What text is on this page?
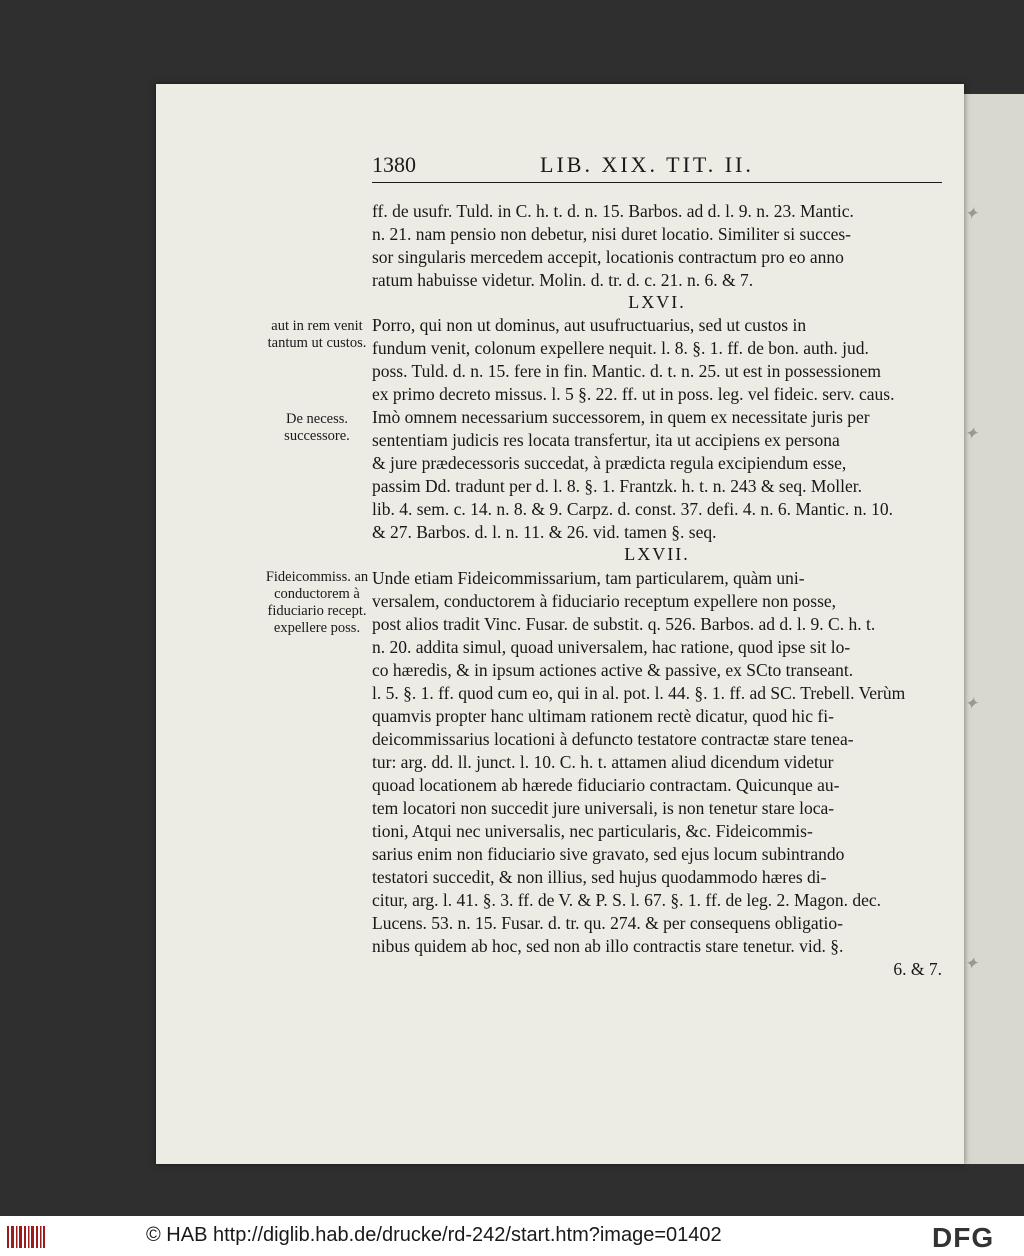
✦
✦
✦
✦
1380	LIB. XIX. TIT. II.
ff. de usufr. Tuld. in C. h. t. d. n. 15. Barbos. ad d. l. 9. n. 23. Mantic.
n. 21. nam pensio non debetur, nisi duret locatio. Similiter si succes-
sor singularis mercedem accepit, locationis contractum pro eo anno
ratum habuisse videtur. Molin. d. tr. d. c. 21. n. 6. & 7.
LXVI.
Porro, qui non ut dominus, aut usufructuarius, sed ut custos in
fundum venit, colonum expellere nequit. l. 8. §. 1. ff. de bon. auth. jud.
poss. Tuld. d. n. 15. fere in fin. Mantic. d. t. n. 25. ut est in possessionem
ex primo decreto missus. l. 5 §. 22. ff. ut in poss. leg. vel fideic. serv. caus.
Imò omnem necessarium successorem, in quem ex necessitate juris per
sententiam judicis res locata transfertur, ita ut accipiens ex persona
& jure prædecessoris succedat, à prædicta regula excipiendum esse,
passim Dd. tradunt per d. l. 8. §. 1. Frantzk. h. t. n. 243 & seq. Moller.
lib. 4. sem. c. 14. n. 8. & 9. Carpz. d. const. 37. defi. 4. n. 6. Mantic. n. 10.
& 27. Barbos. d. l. n. 11. & 26. vid. tamen §. seq.
LXVII.
Unde etiam Fideicommissarium, tam particularem, quàm uni-
versalem, conductorem à fiduciario receptum expellere non posse,
post alios tradit Vinc. Fusar. de substit. q. 526. Barbos. ad d. l. 9. C. h. t.
n. 20. addita simul, quoad universalem, hac ratione, quod ipse sit lo-
co hæredis, & in ipsum actiones active & passive, ex SCto transeant.
l. 5. §. 1. ff. quod cum eo, qui in al. pot. l. 44. §. 1. ff. ad SC. Trebell. Verùm
quamvis propter hanc ultimam rationem rectè dicatur, quod hic fi-
deicommissarius locationi à defuncto testatore contractæ stare tenea-
tur: arg. dd. ll. junct. l. 10. C. h. t. attamen aliud dicendum videtur
quoad locationem ab hærede fiduciario contractam. Quicunque au-
tem locatori non succedit jure universali, is non tenetur stare loca-
tioni, Atqui nec universalis, nec particularis, &c. Fideicommis-
sarius enim non fiduciario sive gravato, sed ejus locum subintrando
testatori succedit, & non illius, sed hujus quodammodo hæres di-
citur, arg. l. 41. §. 3. ff. de V. & P. S. l. 67. §. 1. ff. de leg. 2. Magon. dec.
Lucens. 53. n. 15. Fusar. d. tr. qu. 274. & per consequens obligatio-
nibus quidem ab hoc, sed non ab illo contractis stare tenetur. vid. §.
6. & 7.
aut in rem venit tantum ut custos.
De necess. successore.
Fideicommiss. an conductorem à fiduciario recept. expellere poss.
© HAB http://diglib.hab.de/drucke/rd-242/start.htm?image=01402	DFG
